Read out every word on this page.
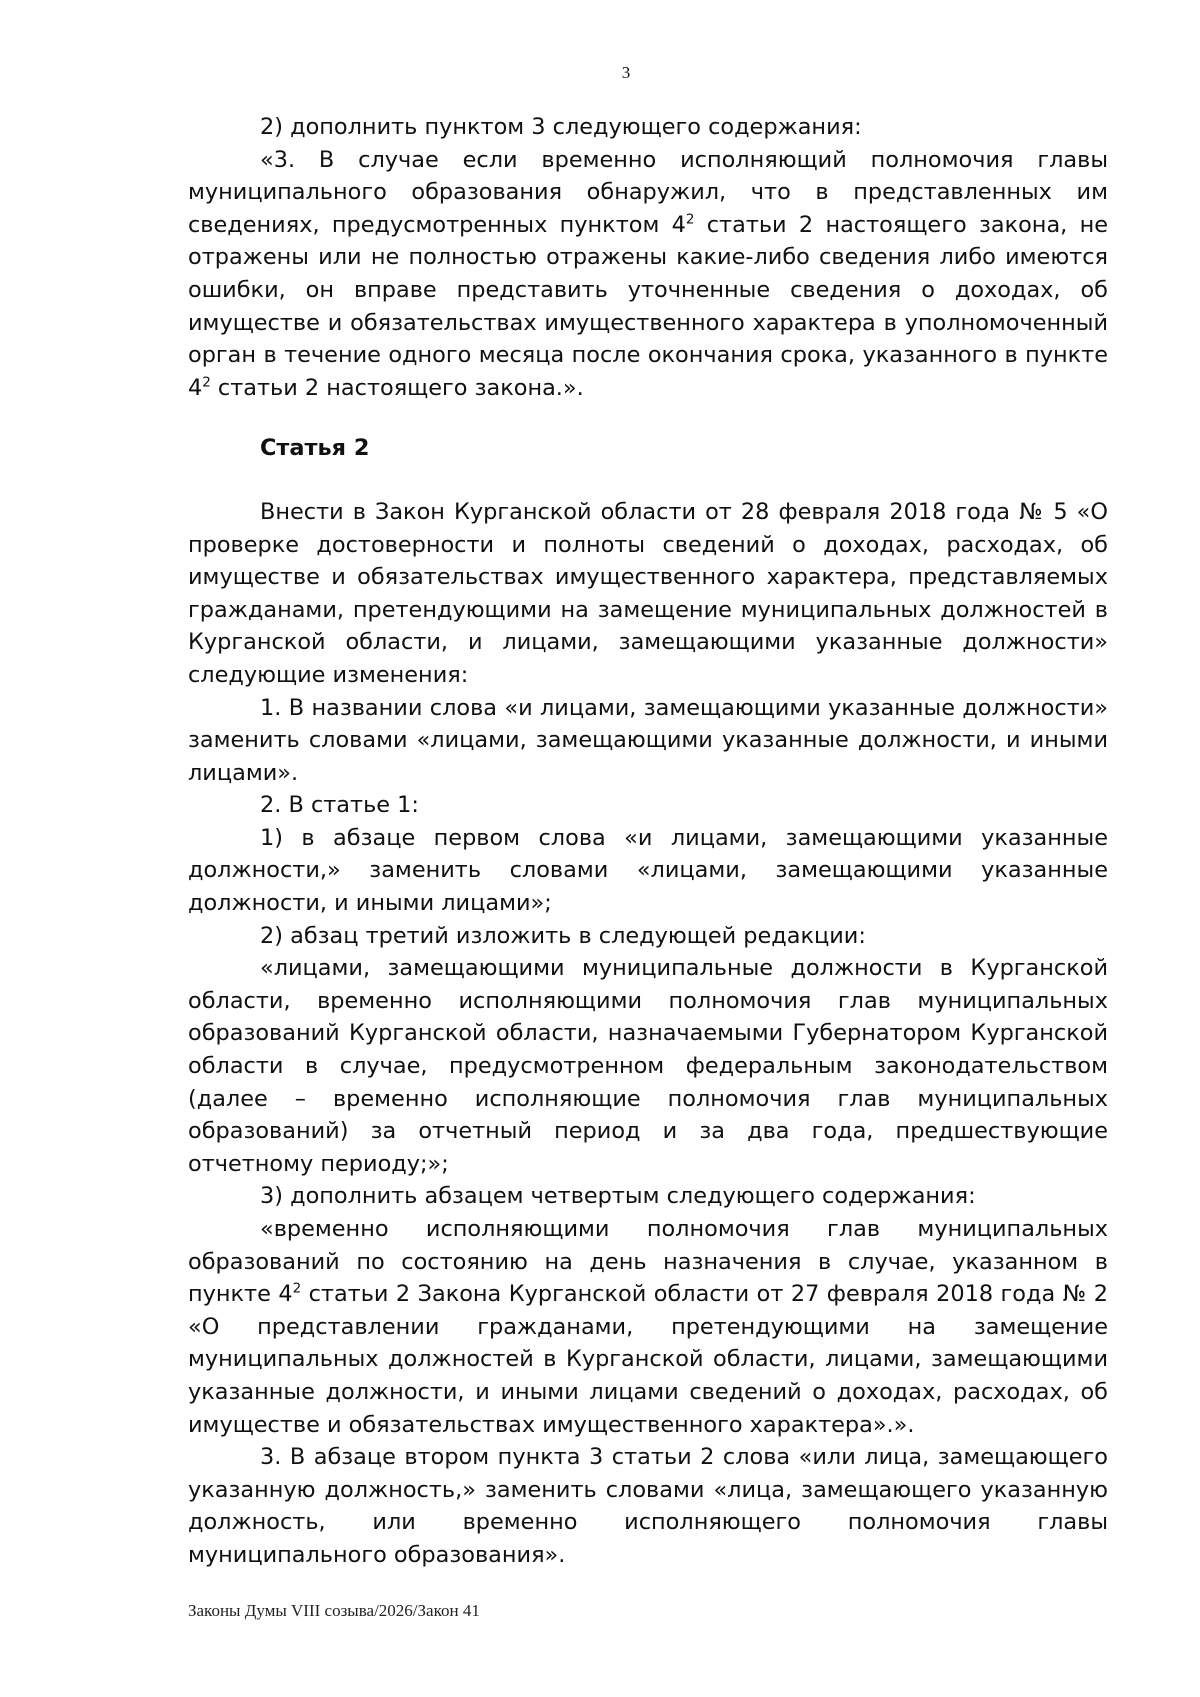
3

2) дополнить пунктом 3 следующего содержания:

«3. В случае если временно исполняющий полномочия главы муниципального образования обнаружил, что в представленных им сведениях, предусмотренных пунктом $4^2$ статьи 2 настоящего закона, не отражены или не полностью отражены какие-либо сведения либо имеются ошибки, он вправе представить уточненные сведения о доходах, об имуществе и обязательствах имущественного характера в уполномоченный орган в течение одного месяца после окончания срока, указанного в пункте $4^2$ статьи 2 настоящего закона.».

Статья 2

Внести в Закон Курганской области от 28 февраля 2018 года № 5 «О проверке достоверности и полноты сведений о доходах, расходах, об имуществе и обязательствах имущественного характера, представляемых гражданами, претендующими на замещение муниципальных должностей в Курганской области, и лицами, замещающими указанные должности» следующие изменения:

1. В названии слова «и лицами, замещающими указанные должности» заменить словами «лицами, замещающими указанные должности, и иными лицами».

2. В статье 1:

1) в абзаце первом слова «и лицами, замещающими указанные должности,» заменить словами «лицами, замещающими указанные должности, и иными лицами»;

2) абзац третий изложить в следующей редакции:

«лицами, замещающими муниципальные должности в Курганской области, временно исполняющими полномочия глав муниципальных образований Курганской области, назначаемыми Губернатором Курганской области в случае, предусмотренном федеральным законодательством (далее – временно исполняющие полномочия глав муниципальных образований) за отчетный период и за два года, предшествующие отчетному периоду;»;

3) дополнить абзацем четвертым следующего содержания:

«временно исполняющими полномочия глав муниципальных образований по состоянию на день назначения в случае, указанном в пункте $4^2$ статьи 2 Закона Курганской области от 27 февраля 2018 года № 2 «О представлении гражданами, претендующими на замещение муниципальных должностей в Курганской области, лицами, замещающими указанные должности, и иными лицами сведений о доходах, расходах, об имуществе и обязательствах имущественного характера».».

3. В абзаце втором пункта 3 статьи 2 слова «или лица, замещающего указанную должность,» заменить словами «лица, замещающего указанную должность, или временно исполняющего полномочия главы муниципального образования».

Законы Думы VIII созыва/2026/Закон 41
